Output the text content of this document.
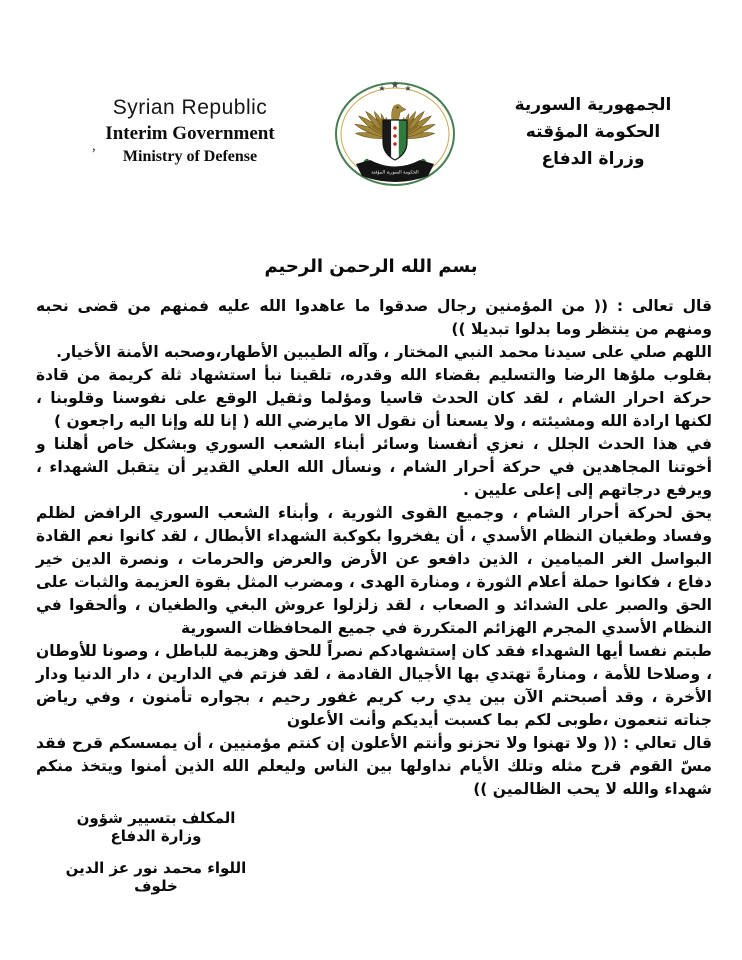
Syrian Republic
Interim Government
Ministry of Defense
,
★ ★ ★
الحكومة السورية المؤقتة
الجمهورية السورية
الحكومة المؤقته
وزراة الدفاع
بسم الله الرحمن الرحيم

قال تعالى : (( من المؤمنين رجال صدقوا ما عاهدوا الله عليه فمنهم من قضى نحبه ومنهم من ينتظر وما بدلوا تبديلا ))

اللهم صلي على سيدنا محمد النبي المختار ، وآله الطيبين الأطهار،وصحبه الأمنة الأخيار.

بقلوب ملؤها الرضا والتسليم بقضاء الله وقدره، تلقينا نبأ استشهاد ثلة كريمة من قادة حركة احرار الشام ، لقد كان الحدث قاسيا ومؤلما وثقيل الوقع على نفوسنا وقلوبنا ، لكنها ارادة الله ومشيئته ، ولا يسعنا أن نقول الا مايرضي الله ( إنا لله وإنا اليه راجعون )

في هذا الحدث الجلل ، نعزي أنفسنا وسائر أبناء الشعب السوري وبشكل خاص أهلنا و أخوتنا المجاهدين في حركة أحرار الشام ، ونسأل الله العلي القدير أن يتقبل الشهداء ، ويرفع درجاتهم إلى إعلى عليين .

يحق لحركة أحرار الشام ، وجميع القوى الثورية ، وأبناء الشعب السوري الرافض لظلم وفساد وطغيان النظام الأسدي ، أن يفخروا بكوكبة الشهداء الأبطال ، لقد كانوا نعم القادة البواسل الغر الميامين ، الذين دافعو عن الأرض والعرض والحرمات ، ونصرة الدين خير دفاع ، فكانوا حملة أعلام الثورة ، ومنارة الهدى ، ومضرب المثل بقوة العزيمة والثبات على الحق والصبر على الشدائد و الصعاب ، لقد زلزلوا عروش البغي والطغيان ، وألحقوا في النظام الأسدي المجرم الهزائم المتكررة في جميع المحافظات السورية

طبتم نفسا أيها الشهداء فقد كان إستشهادكم نصراً للحق وهزيمة للباطل ، وصونا للأوطان ، وصلاحا للأمة ، ومنارةً تهتدي بها الأجيال القادمة ، لقد فزتم في الدارين ، دار الدنيا ودار الأخرة ، وقد أصبحتم الآن بين يدي رب كريم غفور رحيم ، بجواره تأمنون ، وفي رياض جناته تنعمون ،طوبى لكم بما كسبت أيديكم وأنت الأعلون

قال تعالي : (( ولا تهنوا ولا تحزنو وأنتم الأعلون إن كنتم مؤمنيين ، أن يمسسكم قرح فقد مسّ القوم قرح مثله وتلك الأيام نداولها بين الناس وليعلم الله الذين أمنوا ويتخذ منكم شهداء والله لا يحب الظالمين ))

المكلف بتسيير شؤون وزارة الدفاع
اللواء محمد نور عز الدين خلوف
